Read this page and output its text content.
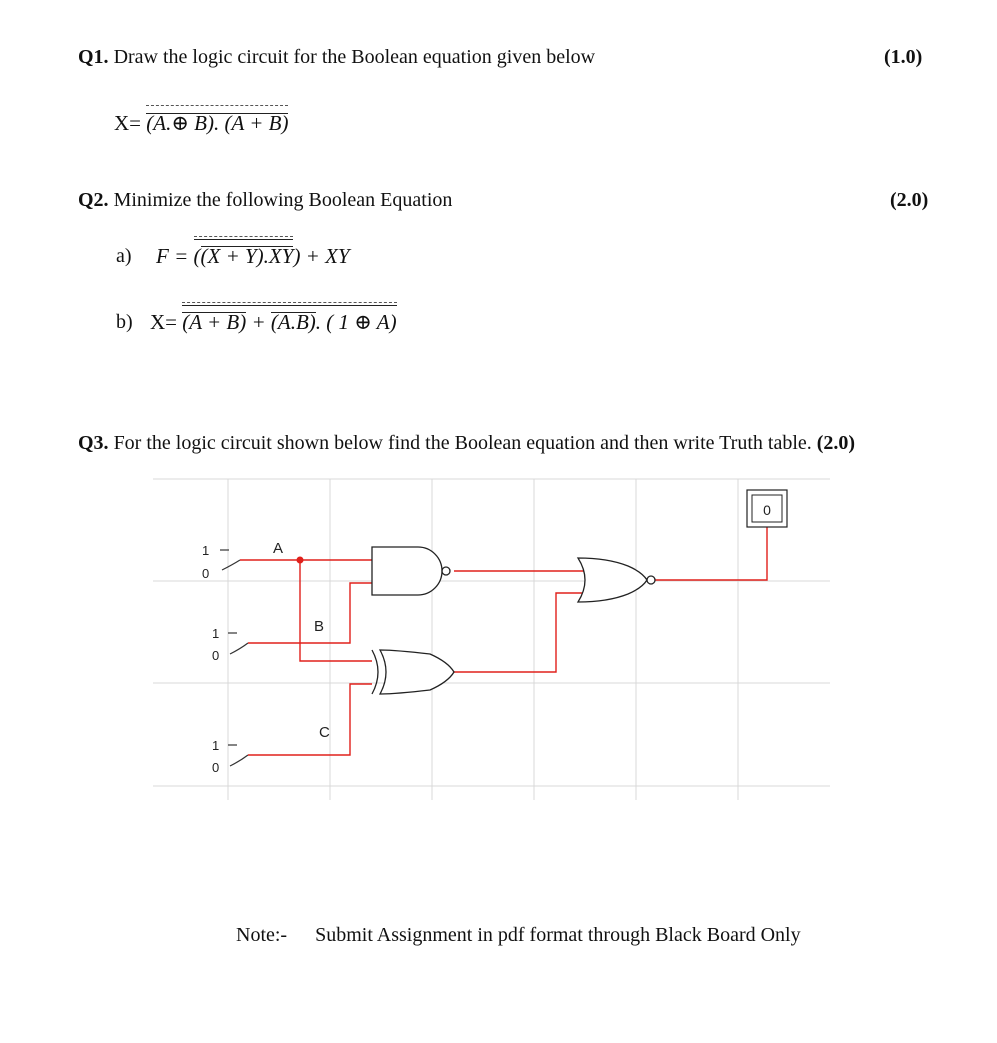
Q1. Draw the logic circuit for the Boolean equation given below	(1.0)
X= (A.⊕ B). (A + B)
Q2. Minimize the following Boolean Equation	(2.0)
a) F = ((X + Y).XY) + XY
b) X= (A + B) + (A.B). ( 1 ⊕ A)
Q3. For the logic circuit shown below find the Boolean equation and then write Truth table. (2.0)
1
0
1
0
1
0
A
B
C
0
Note:- Submit Assignment in pdf format through Black Board Only
